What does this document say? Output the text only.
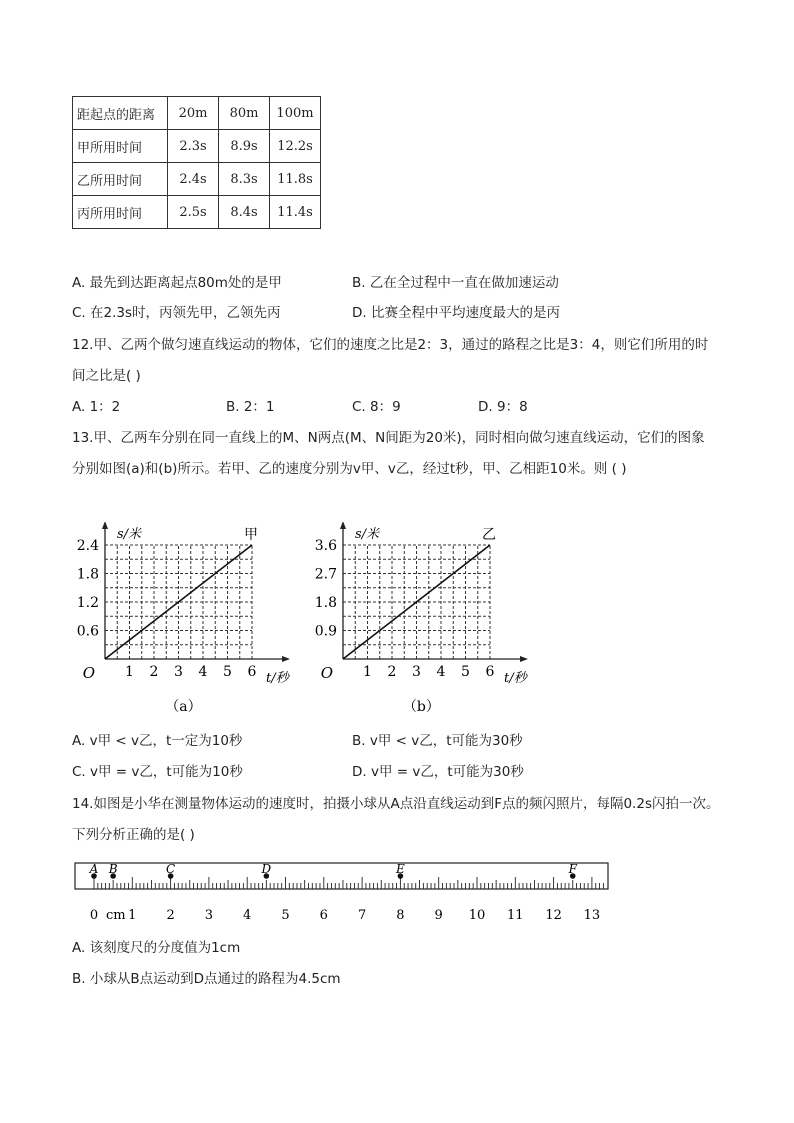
距起点的距离	20m	80m	100m
甲所用时间	2.3s	8.9s	12.2s
乙所用时间	2.4s	8.3s	11.8s
丙所用时间	2.5s	8.4s	11.4s
A. 最先到达距离起点80m处的是甲	B. 乙在全过程中一直在做加速运动
C. 在2.3s时，丙领先甲，乙领先丙	D. 比赛全程中平均速度最大的是丙
12.甲、乙两个做匀速直线运动的物体，它们的速度之比是2：3，通过的路程之比是3：4，则它们所用的时
间之比是( )
A. 1：2	B. 2：1	C. 8：9	D. 9：8
13.甲、乙两车分别在同一直线上的M、N两点(M、N间距为20米)，同时相向做匀速直线运动，它们的图象
分别如图(a)和(b)所示。若甲、乙的速度分别为v甲、v乙，经过t秒，甲、乙相距10米。则 ( )
1 2 3 4 5 6
0.6
1.2
1.8
2.4
O	t/秒
s/米	甲
（a）
1 2 3 4 5 6
0.9
1.8
2.7
3.6
O	t/秒
s/米	乙
（b）
A. v甲 < v乙，t一定为10秒	B. v甲 < v乙，t可能为30秒
C. v甲 = v乙，t可能为10秒	D. v甲 = v乙，t可能为30秒
14.如图是小华在测量物体运动的速度时，拍摄小球从A点沿直线运动到F点的频闪照片，每隔0.2s闪拍一次。
下列分析正确的是( )
0 1 2 3 4 5 6 7 8 9 10 11 12 13
cm
A B	C	D	E	F
A. 该刻度尺的分度值为1cm
B. 小球从B点运动到D点通过的路程为4.5cm
